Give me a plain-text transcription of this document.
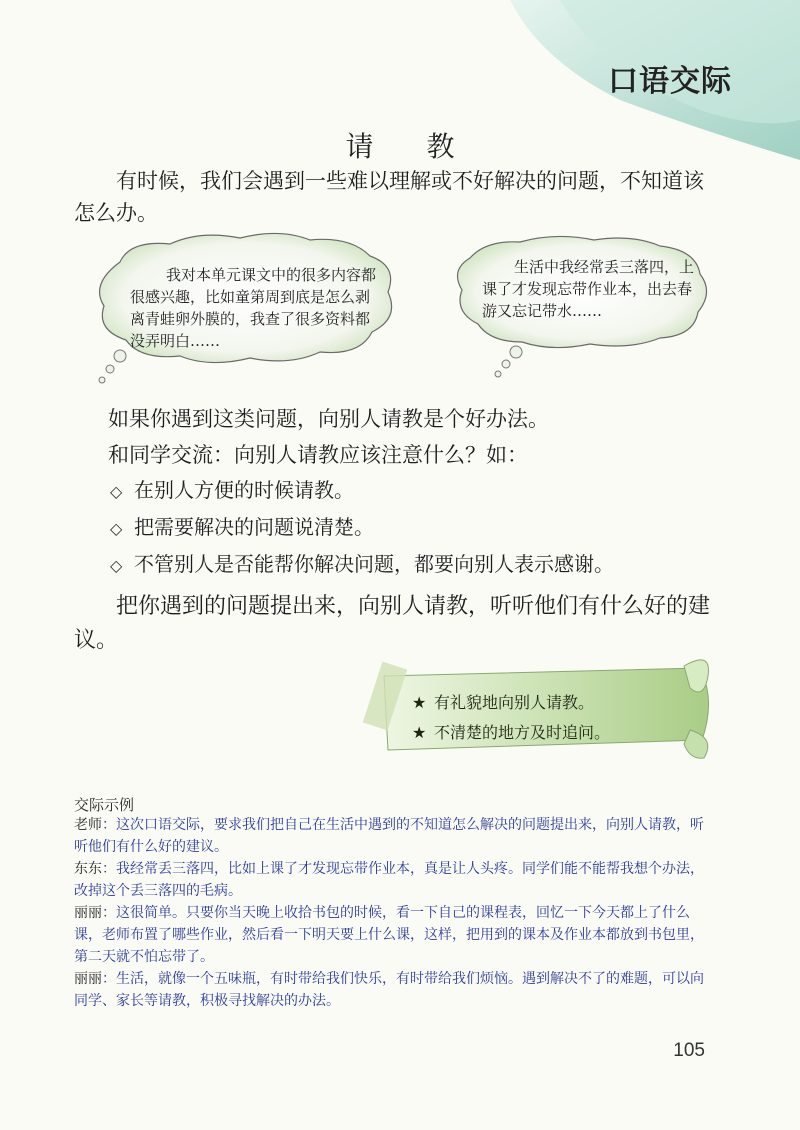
口语交际
请 教
有时候，我们会遇到一些难以理解或不好解决的问题，不知道该怎么办。
我对本单元课文中的很多内容都很感兴趣，比如童第周到底是怎么剥离青蛙卵外膜的，我查了很多资料都没弄明白……
生活中我经常丢三落四，上课了才发现忘带作业本，出去春游又忘记带水……
如果你遇到这类问题，向别人请教是个好办法。
和同学交流：向别人请教应该注意什么？如：
◇ 在别人方便的时候请教。
◇ 把需要解决的问题说清楚。
◇ 不管别人是否能帮你解决问题，都要向别人表示感谢。
把你遇到的问题提出来，向别人请教，听听他们有什么好的建议。
★ 有礼貌地向别人请教。
★ 不清楚的地方及时追问。
交际示例
老师：这次口语交际，要求我们把自己在生活中遇到的不知道怎么解决的问题提出来，向别人请教，听听他们有什么好的建议。
东东：我经常丢三落四，比如上课了才发现忘带作业本，真是让人头疼。同学们能不能帮我想个办法，改掉这个丢三落四的毛病。
丽丽：这很简单。只要你当天晚上收拾书包的时候，看一下自己的课程表，回忆一下今天都上了什么课，老师布置了哪些作业，然后看一下明天要上什么课，这样，把用到的课本及作业本都放到书包里，第二天就不怕忘带了。
丽丽：生活，就像一个五味瓶，有时带给我们快乐，有时带给我们烦恼。遇到解决不了的难题，可以向同学、家长等请教，积极寻找解决的办法。
105
